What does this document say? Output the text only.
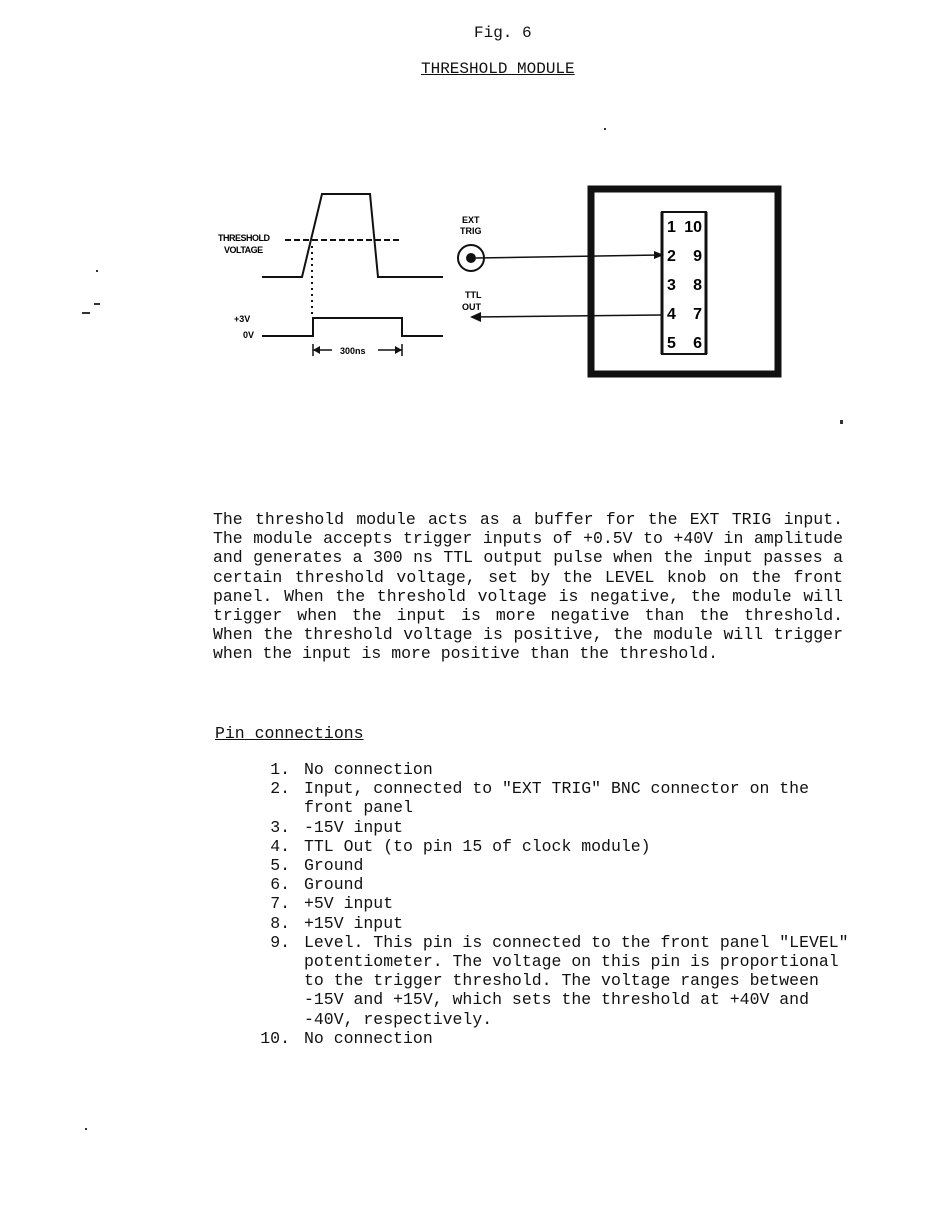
Fig. 6
THRESHOLD MODULE
THRESHOLD
VOLTAGE
+3V
0V
300ns
EXT
TRIG
TTL
OUT
1 10
2 9
3 8
4 7
5 6
The threshold module acts as a buffer for the EXT TRIG input. The module accepts trigger inputs of +0.5V to +40V in amplitude and generates a 300 ns TTL output pulse when the input passes a certain threshold voltage, set by the LEVEL knob on the front panel. When the threshold voltage is negative, the module will trigger when the input is more negative than the threshold. When the threshold voltage is positive, the module will trigger when the input is more positive than the threshold.
Pin connections
1. No connection
2. Input, connected to "EXT TRIG" BNC connector on the front panel
3. -15V input
4. TTL Out (to pin 15 of clock module)
5. Ground
6. Ground
7. +5V input
8. +15V input
9. Level. This pin is connected to the front panel "LEVEL" potentiometer. The voltage on this pin is proportional to the trigger threshold. The voltage ranges between -15V and +15V, which sets the threshold at +40V and -40V, respectively.
10. No connection
